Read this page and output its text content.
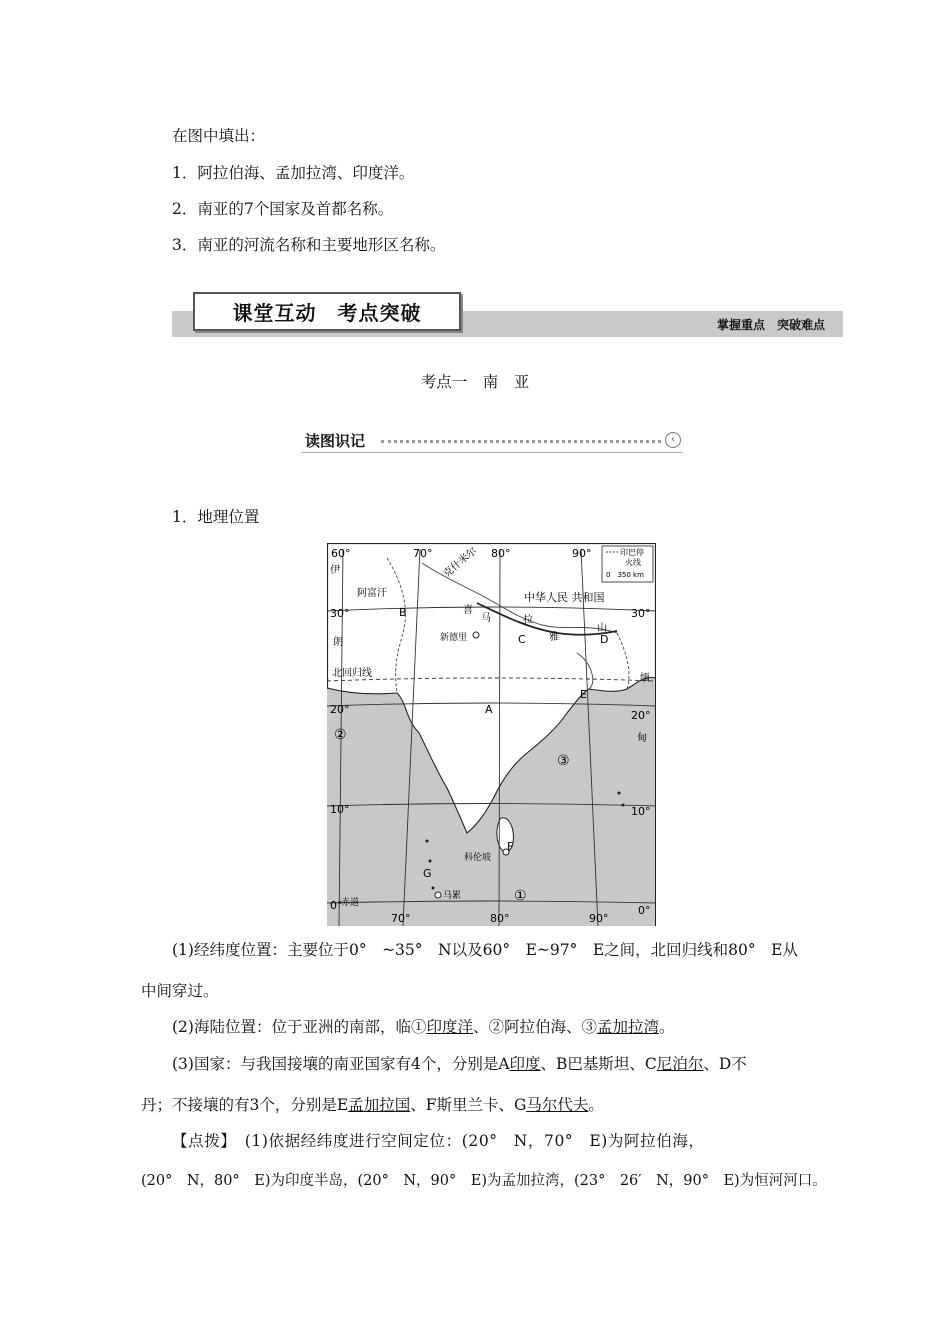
在图中填出：
1．阿拉伯海、孟加拉湾、印度洋。
2．南亚的7个国家及首都名称。
3．南亚的河流名称和主要地形区名称。
课堂互动　考点突破	掌握重点　突破难点
考点一　南　亚
读图识记	‹
1．地理位置
印巴停
火线
0　350 km
60°	70°	80°	90°
70°	80°	90°
0°
30°
20°
10°
0°
30°
20°
10°
伊
朗
阿富汗
克什米尔
喜
马	拉
雅
山
中华人民 共和国
新德里
北回归线	缅
甸
科伦坡
马累
赤道
A
B
C	D
E
F
G
①
②
③
(1)经纬度位置：主要位于0°　~35°　N以及60°　E~97°　E之间，北回归线和80°　E从
中间穿过。
(2)海陆位置：位于亚洲的南部，临①印度洋、②阿拉伯海、③孟加拉湾。
(3)国家：与我国接壤的南亚国家有4个，分别是A印度、B巴基斯坦、C尼泊尔、D不
丹；不接壤的有3个，分别是E孟加拉国、F斯里兰卡、G马尔代夫。
【点拨】　(1)依据经纬度进行空间定位：(20°　N，70°　E)为阿拉伯海，
(20°　N，80°　E)为印度半岛，(20°　N，90°　E)为孟加拉湾，(23°　26′　N，90°　E)为恒河河口。
